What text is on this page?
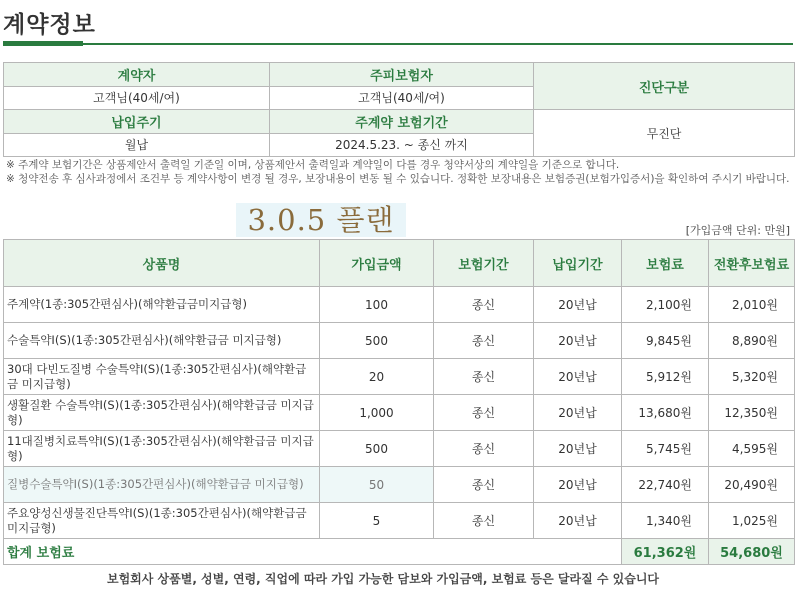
계약정보
계약자	주피보험자	진단구분
고객님(40세/여)	고객님(40세/여)	
납입주기	주계약 보험기간	무진단
월납	2024.5.23. ~ 종신 까지	

※ 주계약 보험기간은 상품제안서 출력일 기준일 이며, 상품제안서 출력일과 계약일이 다를 경우 청약서상의 계약일을 기준으로 합니다.

※ 청약전송 후 심사과정에서 조건부 등 계약사항이 변경 될 경우, 보장내용이 변동 될 수 있습니다. 정확한 보장내용은 보험증권(보험가입증서)을 확인하여 주시기 바랍니다.

3.0.5 플랜	[가입금액 단위: 만원]
상품명	가입금액	보험기간	납입기간	보험료	전환후보험료
주계약(1종:305간편심사)(해약환급금미지급형)	100	종신	20년납	2,100원	2,010원
수술특약Ⅰ(S)(1종:305간편심사)(해약환급금 미지급형)	500	종신	20년납	9,845원	8,890원
30대 다빈도질병 수술특약Ⅰ(S)(1종:305간편심사)(해약환급금 미지급형)	20	종신	20년납	5,912원	5,320원
생활질환 수술특약Ⅰ(S)(1종:305간편심사)(해약환급금 미지급형)	1,000	종신	20년납	13,680원	12,350원
11대질병치료특약Ⅰ(S)(1종:305간편심사)(해약환급금 미지급형)	500	종신	20년납	5,745원	4,595원
질병수술특약Ⅰ(S)(1종:305간편심사)(해약환급금 미지급형)	50	종신	20년납	22,740원	20,490원
주요양성신생물진단특약Ⅰ(S)(1종:305간편심사)(해약환급금 미지급형)	5	종신	20년납	1,340원	1,025원
합계 보험료				61,362원	54,680원
보험회사 상품별, 성별, 연령, 직업에 따라 가입 가능한 담보와 가입금액, 보험료 등은 달라질 수 있습니다
